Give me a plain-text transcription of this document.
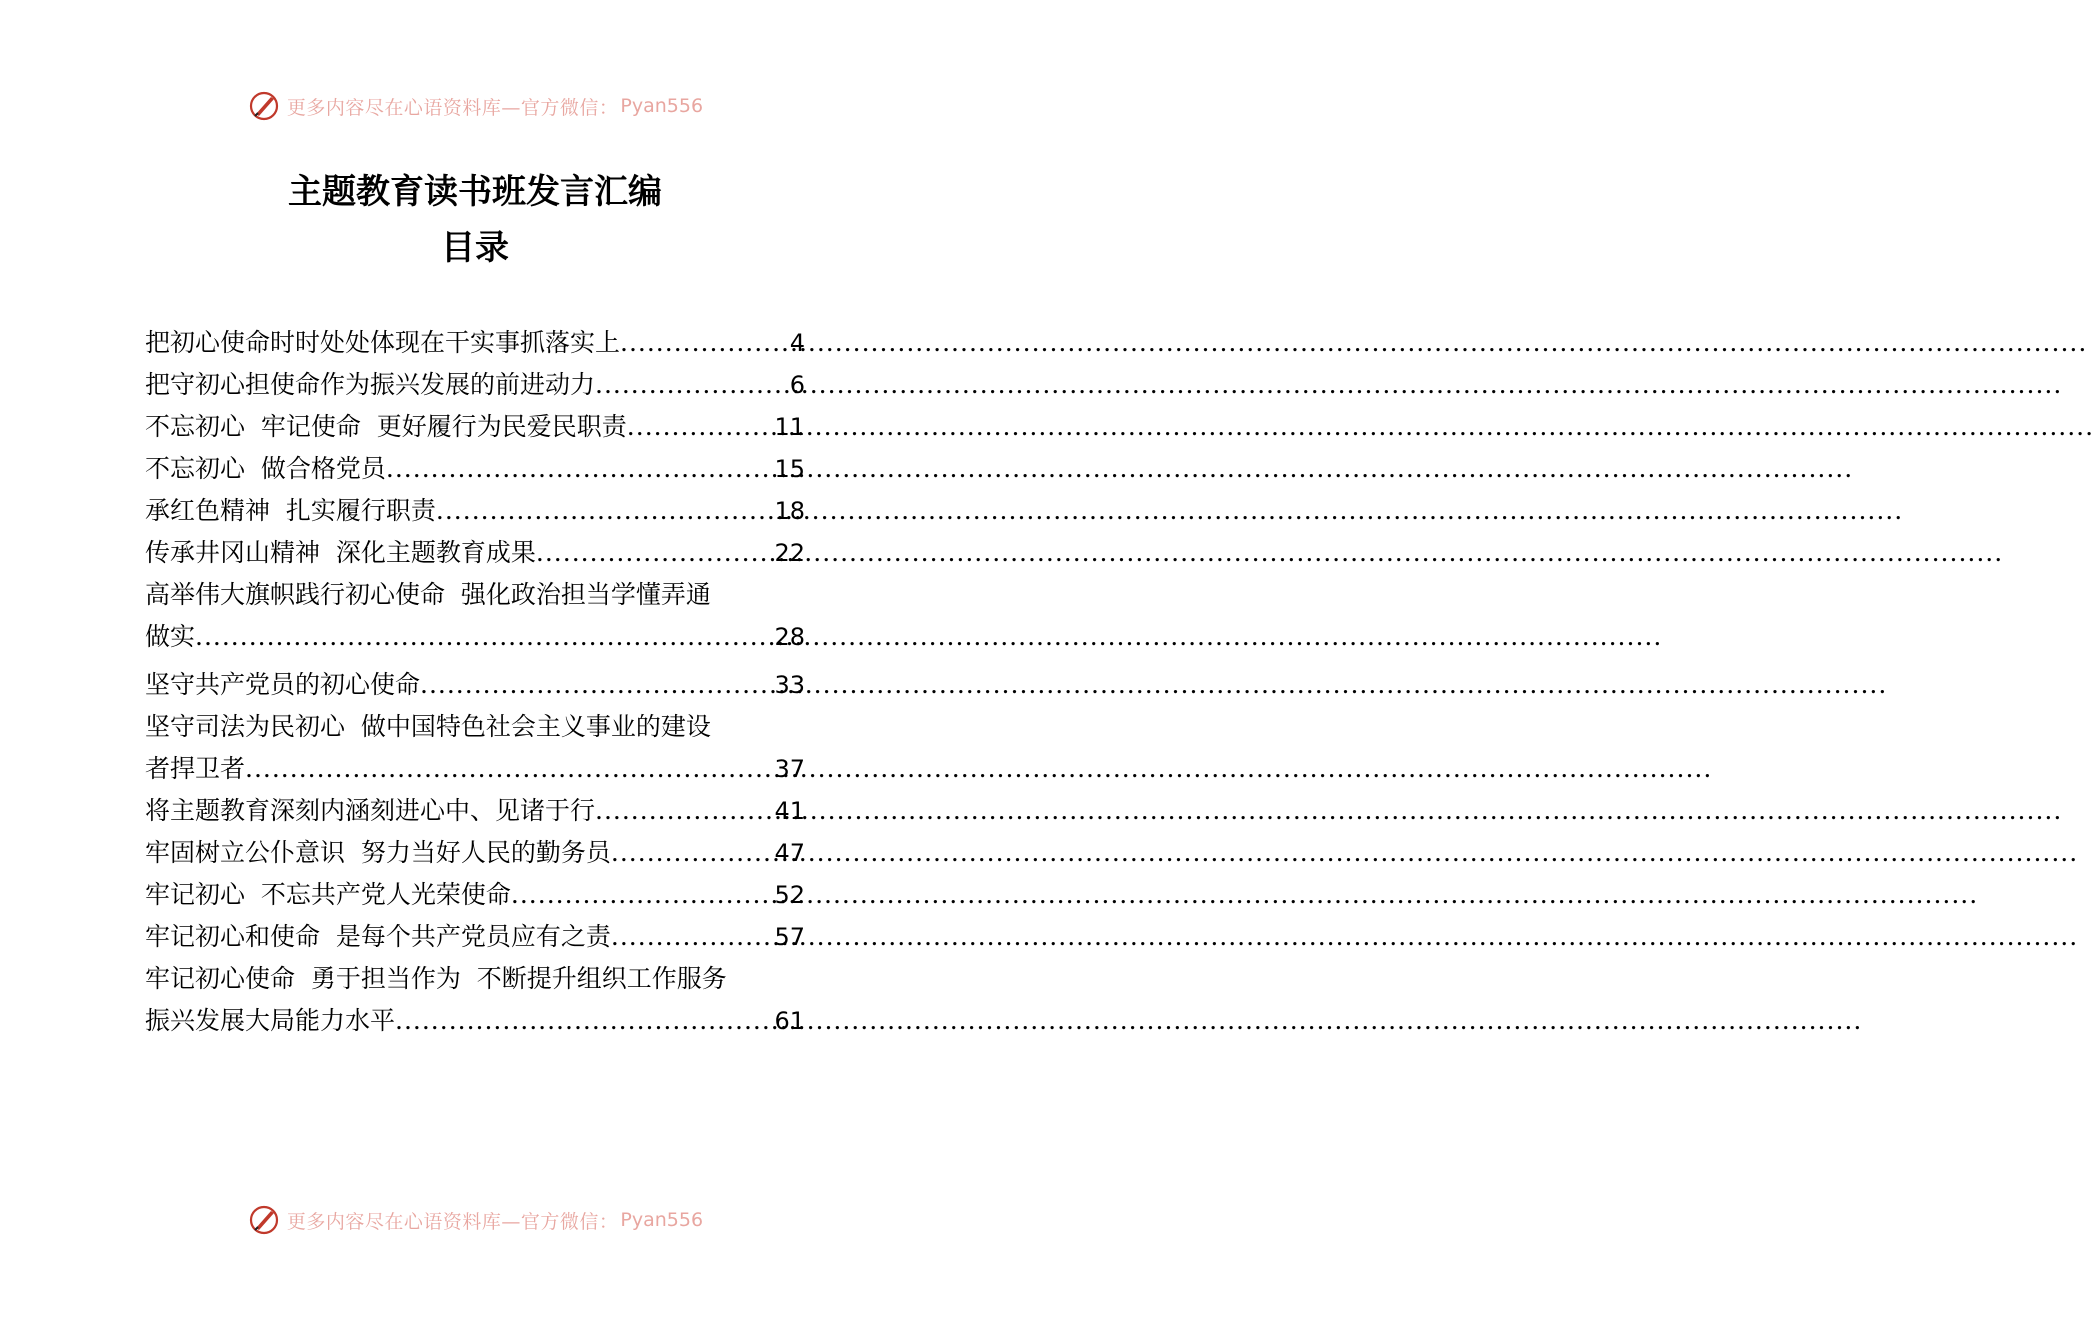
更多内容尽在心语资料库—官方微信： Pyan556
主题教育读书班发言汇编
目录
把初心使命时时处处体现在干实事抓落实上 .....	4
把守初心担使命作为振兴发展的前进动力 .....	6
不忘初心  牢记使命  更好履行为民爱民职责 .....	11
不忘初心  做合格党员 .....	15
承红色精神  扎实履行职责 .....	18
传承井冈山精神  深化主题教育成果 .....	22
高举伟大旗帜践行初心使命  强化政治担当学懂弄通
做实 .....	28
坚守共产党员的初心使命 .....	33
坚守司法为民初心  做中国特色社会主义事业的建设
者捍卫者 .....	37
将主题教育深刻内涵刻进心中、见诸于行 .....	41
牢固树立公仆意识  努力当好人民的勤务员 .....	47
牢记初心  不忘共产党人光荣使命 .....	52
牢记初心和使命  是每个共产党员应有之责 .....	57
牢记初心使命  勇于担当作为  不断提升组织工作服务
振兴发展大局能力水平 .....	61
更多内容尽在心语资料库—官方微信： Pyan556
